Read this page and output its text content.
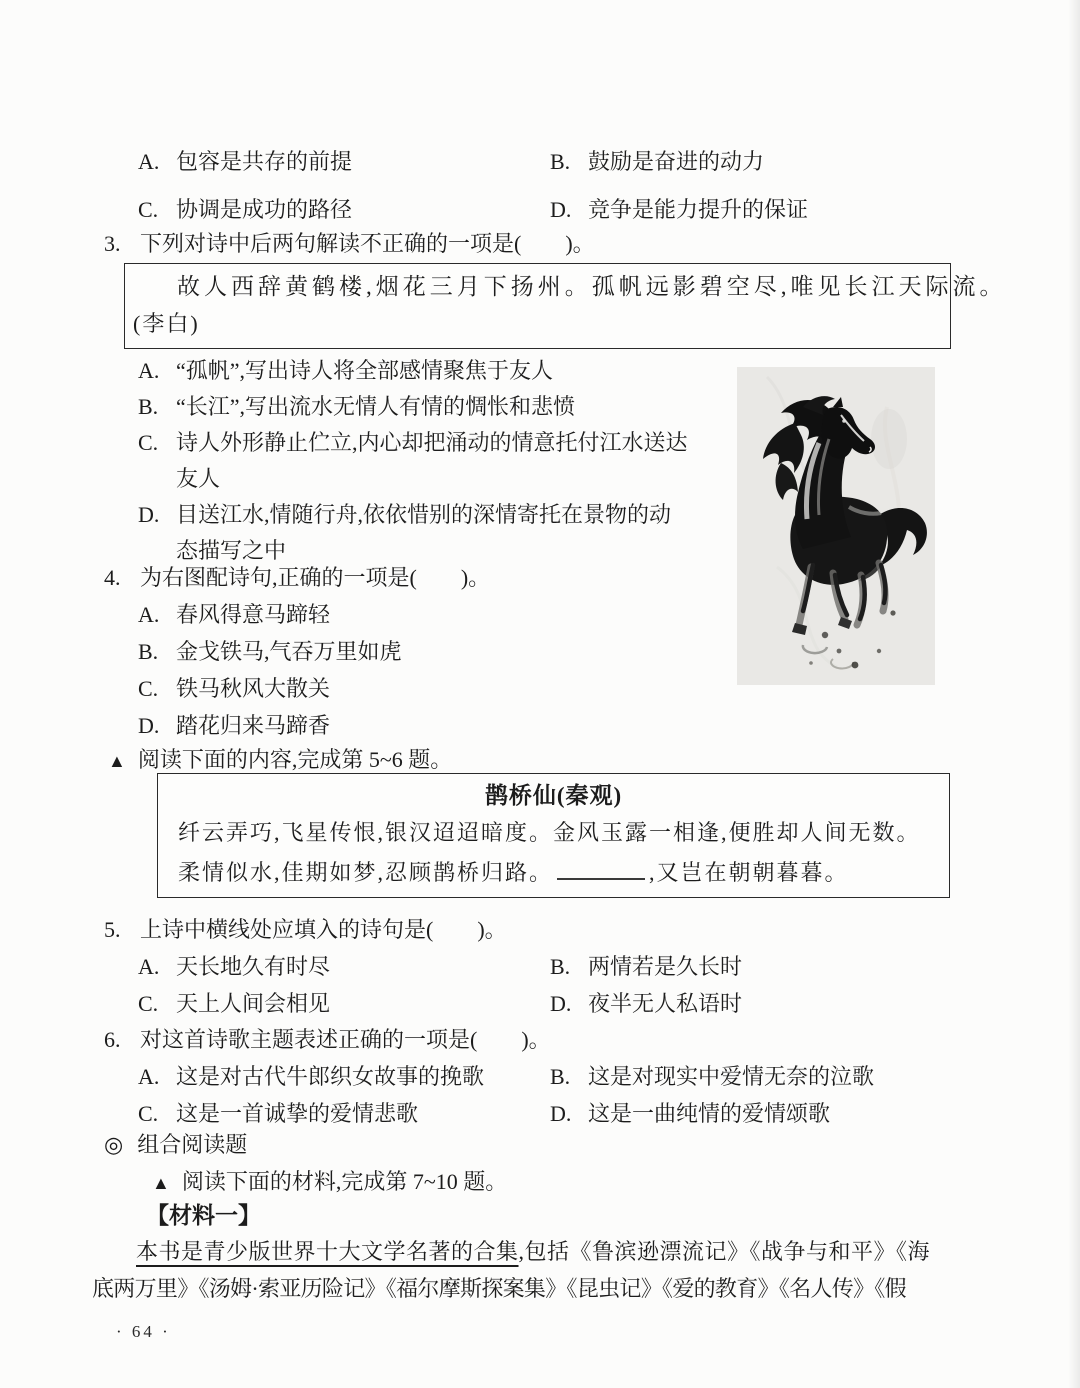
A. 包容是共存的前提	B. 鼓励是奋进的动力
C. 协调是成功的路径	D. 竞争是能力提升的保证
3. 下列对诗中后两句解读不正确的一项是(　　)。
故人西辞黄鹤楼,烟花三月下扬州。孤帆远影碧空尽,唯见长江天际流。
(李白)
A. “孤帆”,写出诗人将全部感情聚焦于友人
B. “长江”,写出流水无情人有情的惆怅和悲愤
C. 诗人外形静止伫立,内心却把涌动的情意托付江水送达
友人
D. 目送江水,情随行舟,依依惜别的深情寄托在景物的动
态描写之中
4. 为右图配诗句,正确的一项是(　　)。
A. 春风得意马蹄轻
B. 金戈铁马,气吞万里如虎
C. 铁马秋风大散关
D. 踏花归来马蹄香
▲ 阅读下面的内容,完成第 5~6 题。
鹊桥仙(秦观)
纤云弄巧,飞星传恨,银汉迢迢暗度。金风玉露一相逢,便胜却人间无数。
柔情似水,佳期如梦,忍顾鹊桥归路。	,又岂在朝朝暮暮。
5. 上诗中横线处应填入的诗句是(　　)。
A. 天长地久有时尽	B. 两情若是久长时
C. 天上人间会相见	D. 夜半无人私语时
6. 对这首诗歌主题表述正确的一项是(　　)。
A. 这是对古代牛郎织女故事的挽歌	B. 这是对现实中爱情无奈的泣歌
C. 这是一首诚挚的爱情悲歌	D. 这是一曲纯情的爱情颂歌
◎ 组合阅读题
▲ 阅读下面的材料,完成第 7~10 题。
【材料一】
本书是青少版世界十大文学名著的合集,包括《鲁滨逊漂流记》《战争与和平》《海
底两万里》《汤姆·索亚历险记》《福尔摩斯探案集》《昆虫记》《爱的教育》《名人传》《假
· 64 ·
